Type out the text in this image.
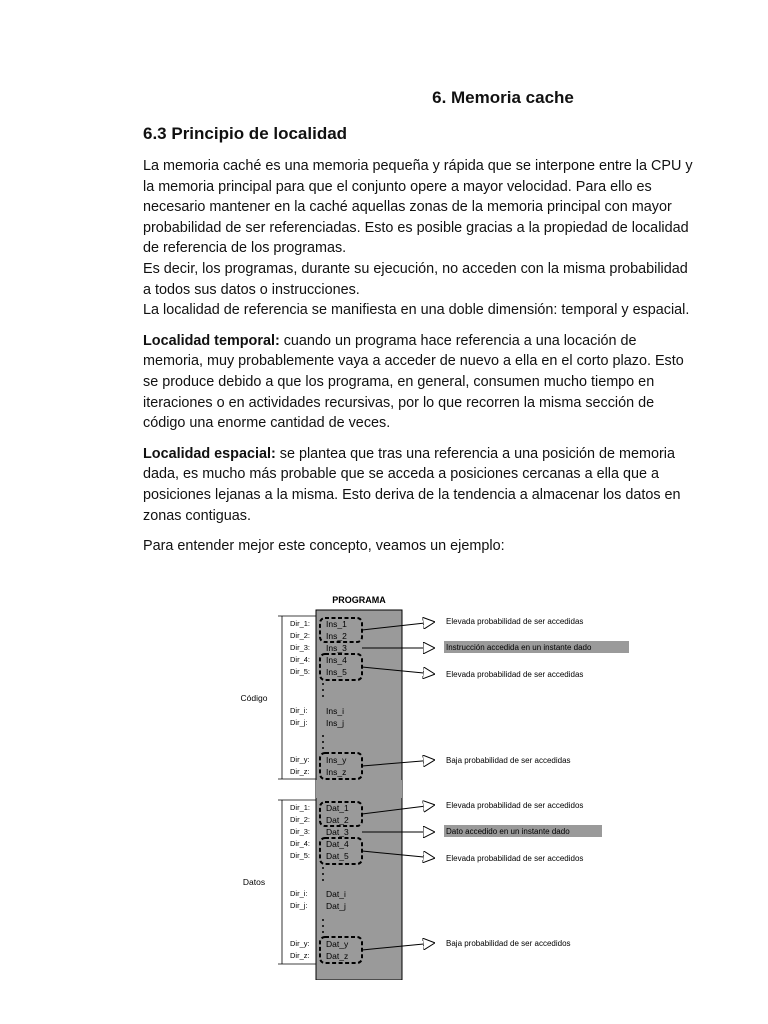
6. Memoria cache
6.3 Principio de localidad

La memoria caché es una memoria pequeña y rápida que se interpone entre la CPU y
la memoria principal para que el conjunto opere a mayor velocidad. Para ello es
necesario mantener en la caché aquellas zonas de la memoria principal con mayor
probabilidad de ser referenciadas. Esto es posible gracias a la propiedad de localidad
de referencia de los programas.
Es decir, los programas, durante su ejecución, no acceden con la misma probabilidad
a todos sus datos o instrucciones.
La localidad de referencia se manifiesta en una doble dimensión: temporal y espacial.

Localidad temporal: cuando un programa hace referencia a una locación de
memoria, muy probablemente vaya a acceder de nuevo a ella en el corto plazo. Esto
se produce debido a que los programa, en general, consumen mucho tiempo en
iteraciones o en actividades recursivas, por lo que recorren la misma sección de
código una enorme cantidad de veces.

Localidad espacial: se plantea que tras una referencia a una posición de memoria
dada, es mucho más probable que se acceda a posiciones cercanas a ella que a
posiciones lejanas a la misma. Esto deriva de la tendencia a almacenar los datos en
zonas contiguas.

Para entender mejor este concepto, veamos un ejemplo:

PROGRAMA
Código
Datos
Dir_1:
Dir_2:
Dir_3:
Dir_4:
Dir_5:
Dir_i:
Dir_j:
Dir_y:
Dir_z:
Ins_1
Ins_2
Ins_3
Ins_4
Ins_5
Ins_i
Ins_j
Ins_y
Ins_z
Elevada probabilidad de ser accedidas
Instrucción accedida en un instante dado
Elevada probabilidad de ser accedidas
Baja probabilidad de ser accedidas
Dir_1:
Dir_2:
Dir_3:
Dir_4:
Dir_5:
Dir_i:
Dir_j:
Dir_y:
Dir_z:
Dat_1
Dat_2
Dat_3
Dat_4
Dat_5
Dat_i
Dat_j
Dat_y
Dat_z
Elevada probabilidad de ser accedidos
Dato accedido en un instante dado
Elevada probabilidad de ser accedidos
Baja probabilidad de ser accedidos
